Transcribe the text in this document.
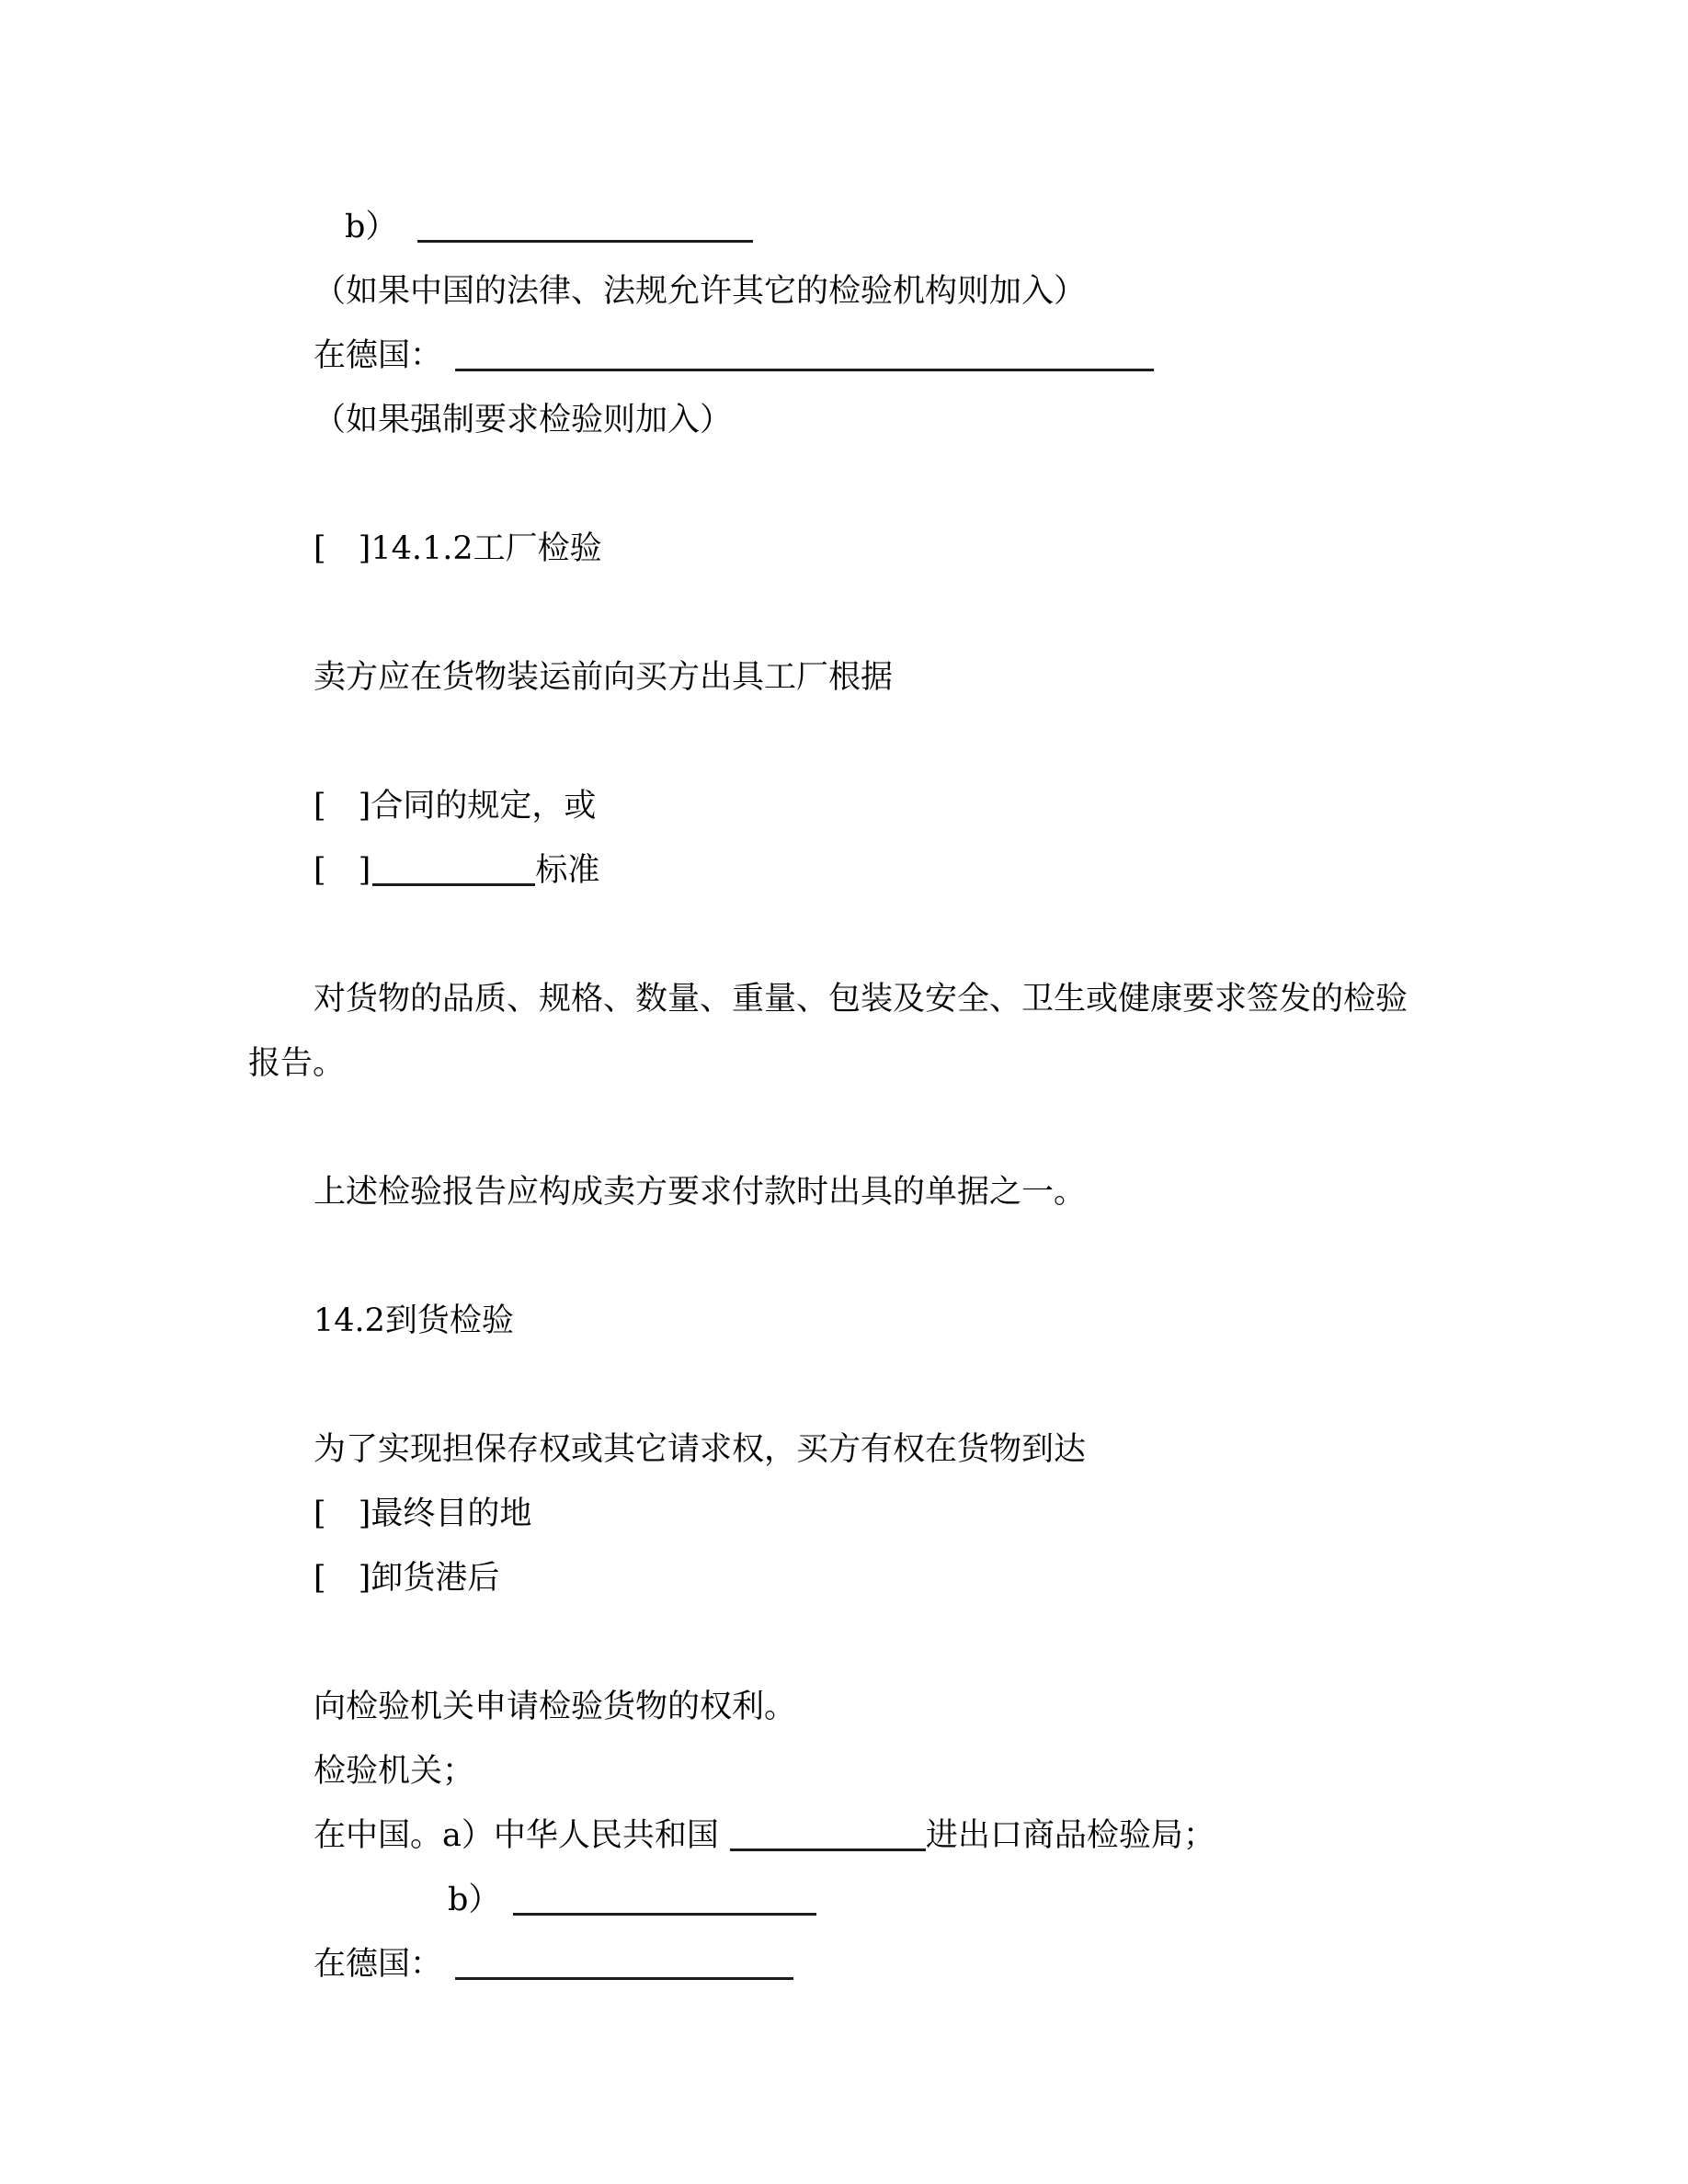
b）
（如果中国的法律、法规允许其它的检验机构则加入）
在德国：
（如果强制要求检验则加入）
[　]14.1.2工厂检验
卖方应在货物装运前向买方出具工厂根据
[　]合同的规定，或
[　]	标准
对货物的品质、规格、数量、重量、包装及安全、卫生或健康要求签发的检验
报告。
上述检验报告应构成卖方要求付款时出具的单据之一。
14.2到货检验
为了实现担保存权或其它请求权，买方有权在货物到达
[　]最终目的地
[　]卸货港后
向检验机关申请检验货物的权利。
检验机关；
在中国。a）中华人民共和国	进出口商品检验局；
b）
在德国：
